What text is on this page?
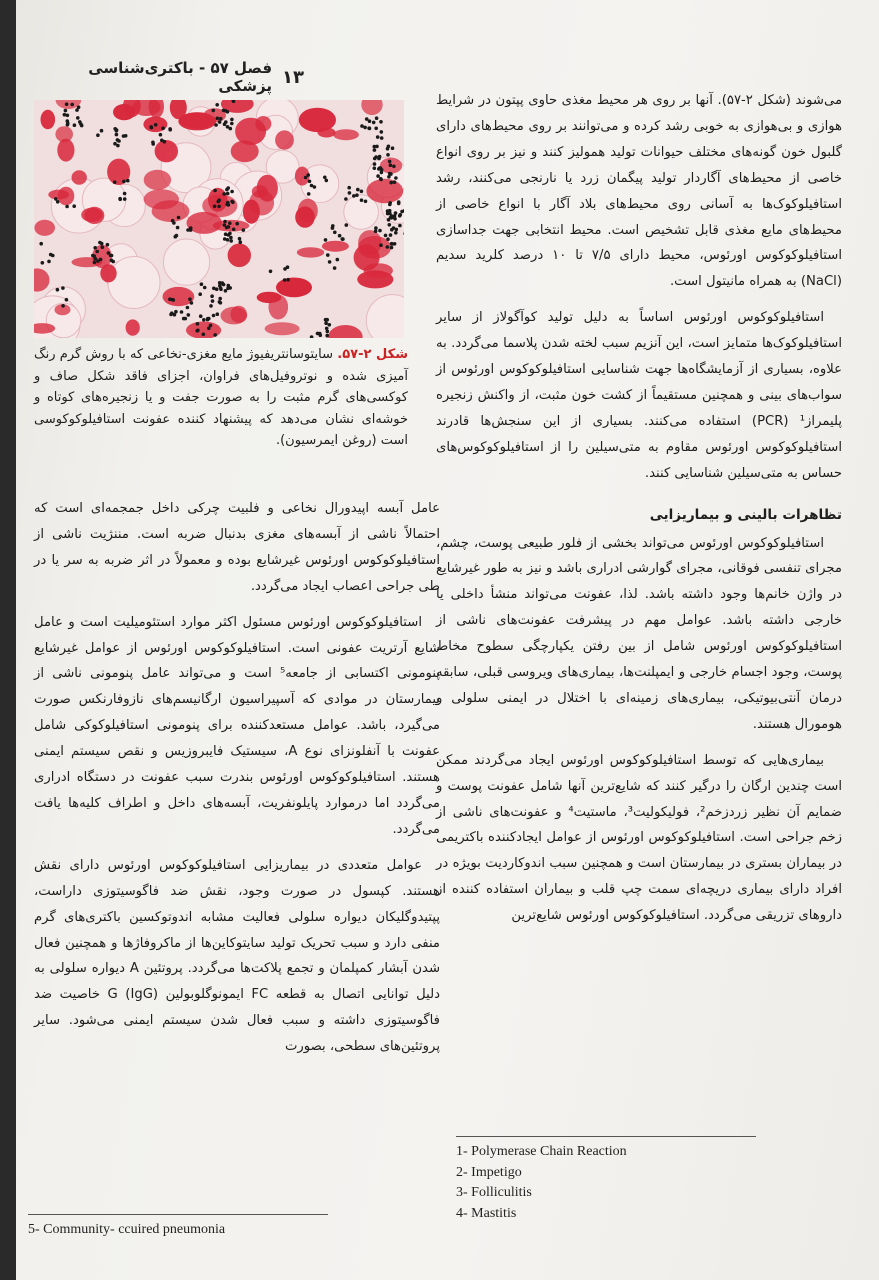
۱۳
فصل ۵۷ - باکتری‌شناسی پزشکی
شکل ۲-۵۷. سایتوسانتریفیوژ مایع مغزی-نخاعی که با روش گرم رنگ آمیزی شده و نوتروفیل‌های فراوان، اجزای فاقد شکل صاف و کوکسی‌های گرم مثبت را به صورت جفت و یا زنجیره‌های کوتاه و خوشه‌ای نشان می‌دهد که پیشنهاد کننده عفونت استافیلوکوکوسی است (روغن ایمرسیون).

می‌شوند (شکل ۲-۵۷). آنها بر روی هر محیط مغذی حاوی پپتون در شرایط هوازی و بی‌هوازی به خوبی رشد کرده و می‌توانند بر روی محیط‌های دارای گلبول خون گونه‌های مختلف حیوانات تولید همولیز کنند و نیز بر روی انواع خاصی از محیط‌های آگاردار تولید پیگمان زرد یا نارنجی می‌کنند، رشد استافیلوکوک‌ها به آسانی روی محیط‌های بلاد آگار با انواع خاصی از محیط‌های مایع مغذی قابل تشخیص است. محیط انتخابی جهت جداسازی استافیلوکوکوس اورئوس، محیط دارای ۷/۵ تا ۱۰ درصد کلرید سدیم (NaCl) به همراه مانیتول است.

استافیلوکوکوس اورئوس اساساً به دلیل تولید کوآگولاز از سایر استافیلوکوک‌ها متمایز است، این آنزیم سبب لخته شدن پلاسما می‌گردد. به علاوه، بسیاری از آزمایشگاه‌ها جهت شناسایی استافیلوکوکوس اورئوس از سواب‌های بینی و همچنین مستقیماً از کشت خون مثبت، از واکنش زنجیره پلیمراز¹ (PCR) استفاده می‌کنند. بسیاری از این سنجش‌ها قادرند استافیلوکوکوس اورئوس مقاوم به متی‌سیلین را از استافیلوکوکوس‌های حساس به متی‌سیلین شناسایی کنند.

تظاهرات بالینی و بیماریزایی

استافیلوکوکوس اورئوس می‌تواند بخشی از فلور طبیعی پوست، چشم، مجرای تنفسی فوقانی، مجرای گوارشی ادراری باشد و نیز به طور غیرشایع در واژن خانم‌ها وجود داشته باشد. لذا، عفونت می‌تواند منشأ داخلی یا خارجی داشته باشد. عوامل مهم در پیشرفت عفونت‌های ناشی از استافیلوکوکوس اورئوس شامل از بین رفتن یکپارچگی سطوح مخاط پوست، وجود اجسام خارجی و ایمپلنت‌ها، بیماری‌های ویروسی قبلی، سابقه درمان آنتی‌بیوتیکی، بیماری‌های زمینه‌ای با اختلال در ایمنی سلولی و هومورال هستند.

بیماری‌هایی که توسط استافیلوکوکوس اورئوس ایجاد می‌گردند ممکن است چندین ارگان را درگیر کنند که شایع‌ترین آنها شامل عفونت پوست و ضمایم آن نظیر زردزخم²، فولیکولیت³، ماستیت⁴ و عفونت‌های ناشی از زخم جراحی است. استافیلوکوکوس اورئوس از عوامل ایجادکننده باکتریمی در بیماران بستری در بیمارستان است و همچنین سبب اندوکاردیت بویژه در افراد دارای بیماری دریچه‌ای سمت چپ قلب و بیماران استفاده کننده از داروهای تزریقی می‌گردد. استافیلوکوکوس اورئوس شایع‌ترین

عامل آبسه اپیدورال نخاعی و فلبیت چرکی داخل جمجمه‌ای است که احتمالاً ناشی از آبسه‌های مغزی بدنبال ضربه است. مننژیت ناشی از استافیلوکوکوس اورئوس غیرشایع بوده و معمولاً در اثر ضربه به سر یا در طی جراحی اعصاب ایجاد می‌گردد.

استافیلوکوکوس اورئوس مسئول اکثر موارد استئومیلیت است و عامل شایع آرتریت عفونی است. استافیلوکوکوس اورئوس از عوامل غیرشایع پنومونی اکتسابی از جامعه⁵ است و می‌تواند عامل پنومونی ناشی از بیمارستان در موادی که آسپیراسیون ارگانیسم‌های نازوفارنکس صورت می‌گیرد، باشد. عوامل مستعدکننده برای پنومونی استافیلوکوکی شامل عفونت با آنفلونزای نوع A، سیستیک فایبروزیس و نقص سیستم ایمنی هستند. استافیلوکوکوس اورئوس بندرت سبب عفونت در دستگاه ادراری می‌گردد اما درموارد پایلونفریت، آبسه‌های داخل و اطراف کلیه‌ها یافت می‌گردد.

عوامل متعددی در بیماریزایی استافیلوکوکوس اورئوس دارای نقش هستند. کپسول در صورت وجود، نقش ضد فاگوسیتوزی داراست، پپتیدوگلیکان دیواره سلولی فعالیت مشابه اندوتوکسین باکتری‌های گرم منفی دارد و سبب تحریک تولید سایتوکاین‌ها از ماکروفاژها و همچنین فعال شدن آبشار کمپلمان و تجمع پلاکت‌ها می‌گردد. پروتئین A دیواره سلولی به دلیل توانایی اتصال به قطعه FC ایمونوگلوبولین G (IgG) خاصیت ضد فاگوسیتوزی داشته و سبب فعال شدن سیستم ایمنی می‌شود. سایر پروتئین‌های سطحی، بصورت

1- Polymerase Chain Reaction
2- Impetigo
3- Folliculitis
4- Mastitis
5- Community- ccuired pneumonia
